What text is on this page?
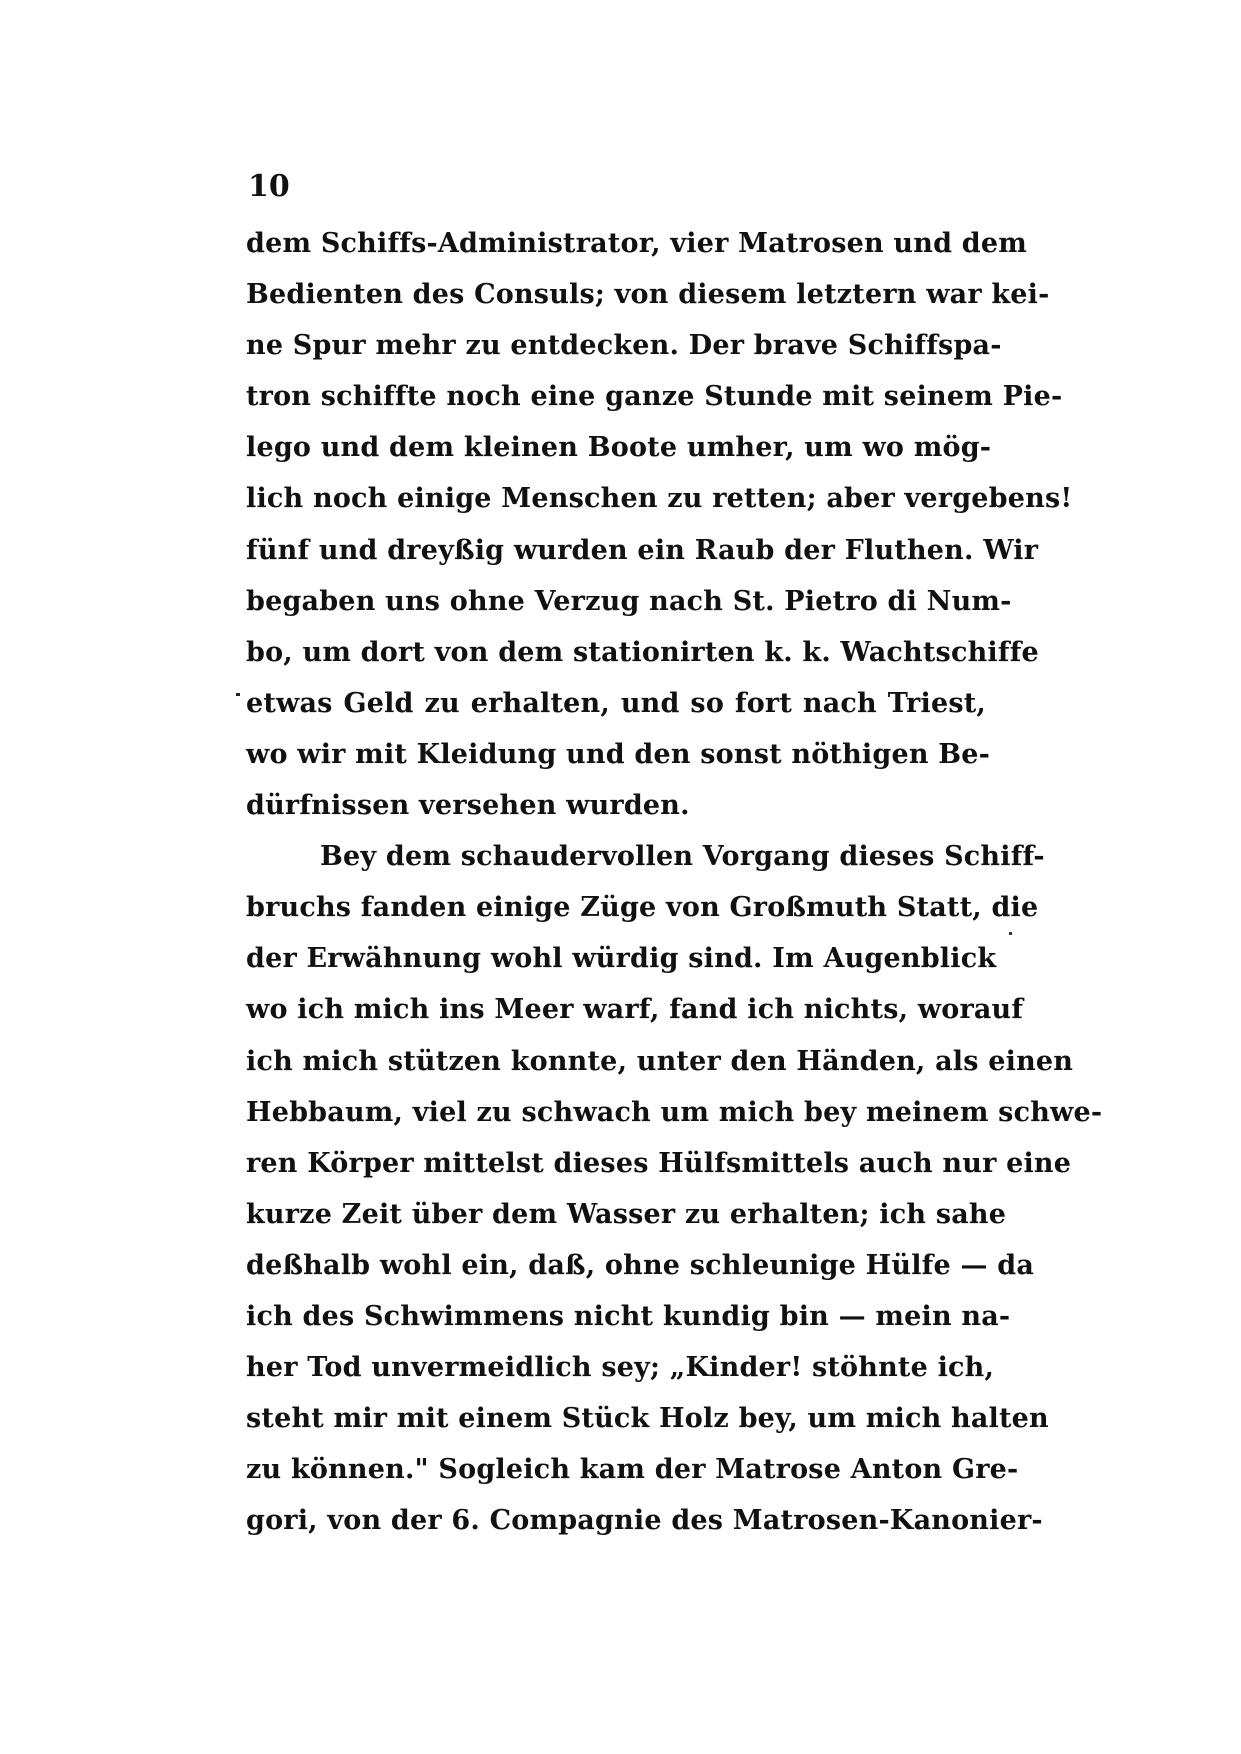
10
dem Schiffs-Administrator, vier Matrosen und dem
Bedienten des Consuls; von diesem letztern war kei-
ne Spur mehr zu entdecken. Der brave Schiffspa-
tron schiffte noch eine ganze Stunde mit seinem Pie-
lego und dem kleinen Boote umher, um wo mög-
lich noch einige Menschen zu retten; aber vergebens!
fünf und dreyßig wurden ein Raub der Fluthen. Wir
begaben uns ohne Verzug nach St. Pietro di Num-
bo, um dort von dem stationirten k. k. Wachtschiffe
etwas Geld zu erhalten, und so fort nach Triest,
wo wir mit Kleidung und den sonst nöthigen Be-
dürfnissen versehen wurden.
Bey dem schaudervollen Vorgang dieses Schiff-
bruchs fanden einige Züge von Großmuth Statt, die
der Erwähnung wohl würdig sind. Im Augenblick
wo ich mich ins Meer warf, fand ich nichts, worauf
ich mich stützen konnte, unter den Händen, als einen
Hebbaum, viel zu schwach um mich bey meinem schwe-
ren Körper mittelst dieses Hülfsmittels auch nur eine
kurze Zeit über dem Wasser zu erhalten; ich sahe
deßhalb wohl ein, daß, ohne schleunige Hülfe — da
ich des Schwimmens nicht kundig bin — mein na-
her Tod unvermeidlich sey; „Kinder! stöhnte ich,
steht mir mit einem Stück Holz bey, um mich halten
zu können." Sogleich kam der Matrose Anton Gre-
gori, von der 6. Compagnie des Matrosen-Kanonier-
